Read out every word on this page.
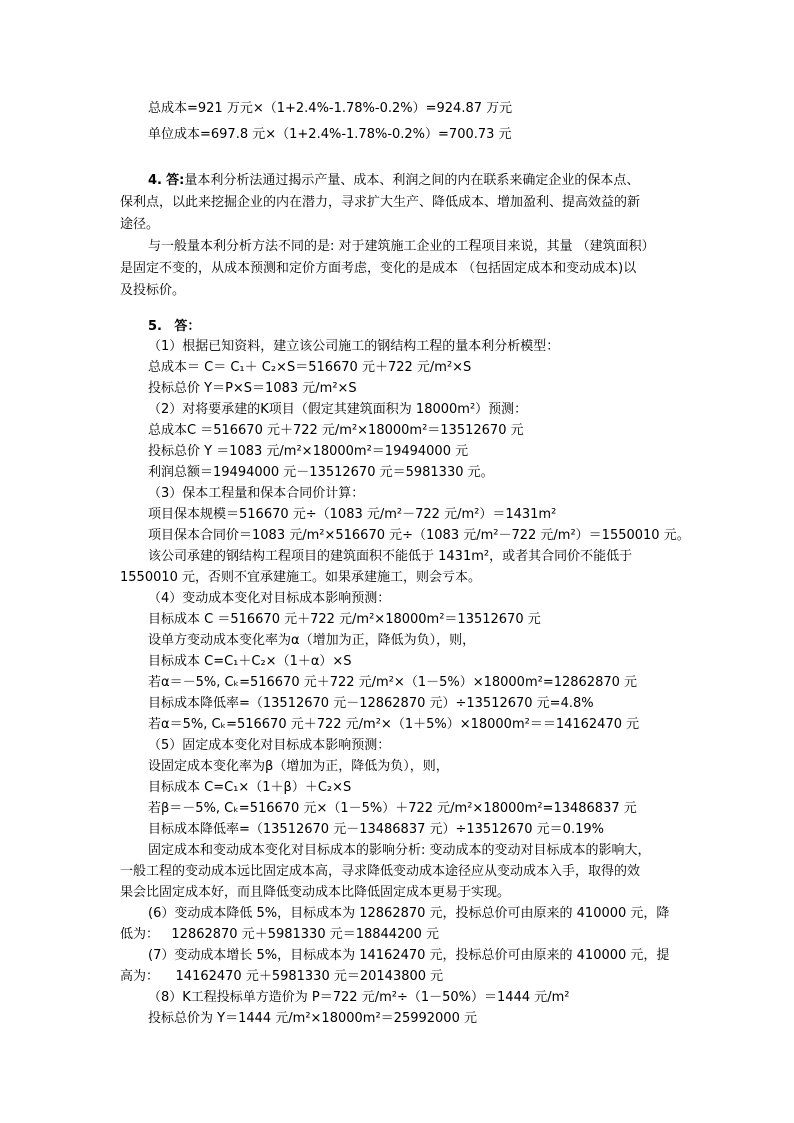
总成本=921 万元×（1+2.4%-1.78%-0.2%）=924.87 万元
单位成本=697.8 元×（1+2.4%-1.78%-0.2%）=700.73 元
4. 答:量本利分析法通过揭示产量、成本、利润之间的内在联系来确定企业的保本点、
保利点，以此来挖掘企业的内在潜力，寻求扩大生产、降低成本、增加盈利、提高效益的新
途径。
与一般量本利分析方法不同的是: 对于建筑施工企业的工程项目来说，其量 （建筑面积）
是固定不变的，从成本预测和定价方面考虑，变化的是成本 （包括固定成本和变动成本)以
及投标价。
5. 答：
（1）根据已知资料，建立该公司施工的钢结构工程的量本利分析模型：
总成本＝ C＝ C₁＋ C₂×S＝516670 元＋722 元/m²×S
投标总价 Y＝P×S＝1083 元/m²×S
（2）对将要承建的K项目（假定其建筑面积为 18000m²）预测：
总成本C ＝516670 元＋722 元/m²×18000m²＝13512670 元
投标总价 Y ＝1083 元/m²×18000m²＝19494000 元
利润总额＝19494000 元－13512670 元＝5981330 元。
（3）保本工程量和保本合同价计算：
项目保本规模＝516670 元÷（1083 元/m²－722 元/m²）＝1431m²
项目保本合同价＝1083 元/m²×516670 元÷（1083 元/m²－722 元/m²）＝1550010 元。
该公司承建的钢结构工程项目的建筑面积不能低于 1431m²，或者其合同价不能低于
1550010 元，否则不宜承建施工。如果承建施工，则会亏本。
（4）变动成本变化对目标成本影响预测：
目标成本 C ＝516670 元＋722 元/m²×18000m²＝13512670 元
设单方变动成本变化率为α（增加为正，降低为负），则，
目标成本 C=C₁＋C₂×（1＋α）×S
若α＝－5%, Cₖ=516670 元＋722 元/m²×（1－5%）×18000m²=12862870 元
目标成本降低率=（13512670 元－12862870 元）÷13512670 元=4.8%
若α＝5%, Cₖ=516670 元＋722 元/m²×（1＋5%）×18000m²＝＝14162470 元
（5）固定成本变化对目标成本影响预测：
设固定成本变化率为β（增加为正，降低为负），则，
目标成本 C=C₁×（1＋β）＋C₂×S
若β＝－5%, Cₖ=516670 元×（1－5%）＋722 元/m²×18000m²=13486837 元
目标成本降低率=（13512670 元－13486837 元）÷13512670 元＝0.19%
固定成本和变动成本变化对目标成本的影响分析: 变动成本的变动对目标成本的影响大，
一般工程的变动成本远比固定成本高，寻求降低变动成本途径应从变动成本入手，取得的效
果会比固定成本好，而且降低变动成本比降低固定成本更易于实现。
(6）变动成本降低 5%，目标成本为 12862870 元，投标总价可由原来的 410000 元，降
低为：   12862870 元＋5981330 元＝18844200 元
(7）变动成本增长 5%，目标成本为 14162470 元，投标总价可由原来的 410000 元，提
高为：    14162470 元＋5981330 元＝20143800 元
（8）K工程投标单方造价为 P＝722 元/m²÷（1－50%）＝1444 元/m²
投标总价为 Y＝1444 元/m²×18000m²＝25992000 元
